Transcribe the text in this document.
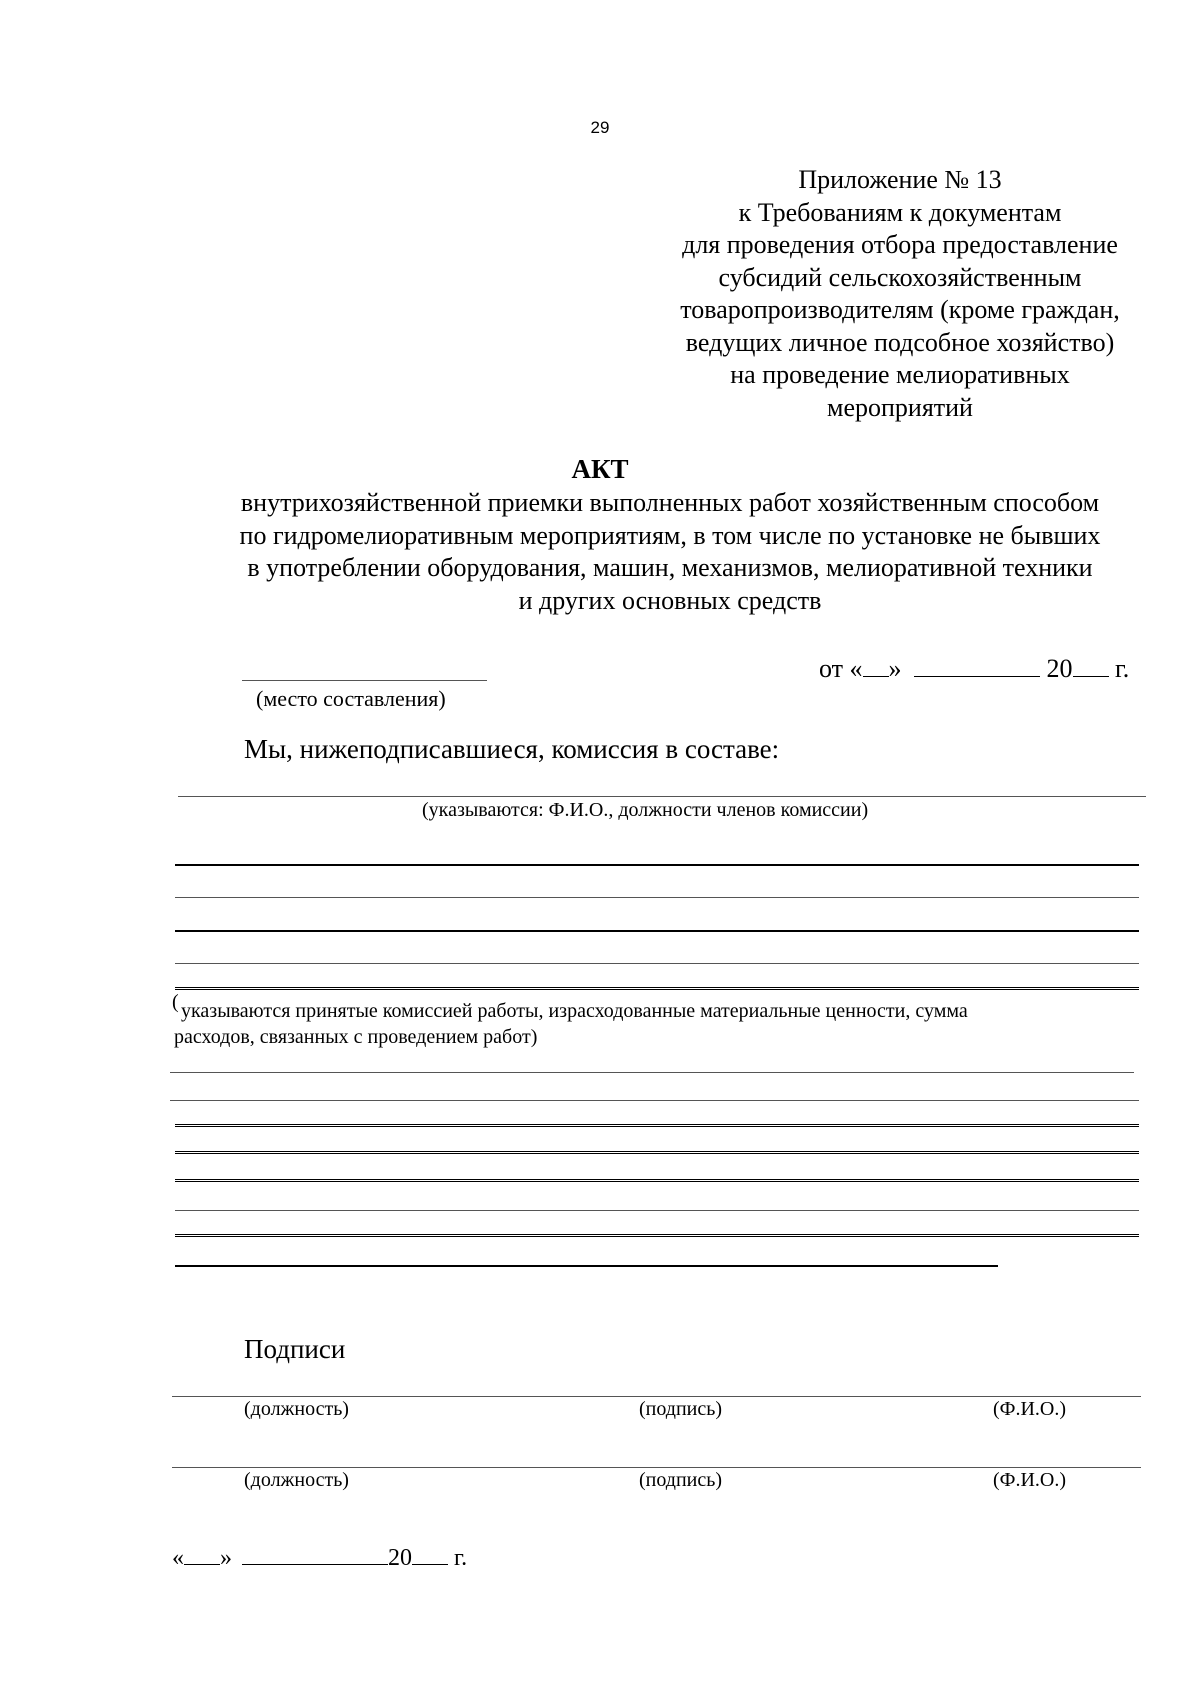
29
Приложение № 13
к Требованиям к документам
для проведения отбора предоставление
субсидий сельскохозяйственным
товаропроизводителям (кроме граждан,
ведущих личное подсобное хозяйство)
на проведение мелиоративных
мероприятий
АКТ
внутрихозяйственной приемки выполненных работ хозяйственным способом
по гидромелиоративным мероприятиям, в том числе по установке не бывших
в употреблении оборудования, машин, механизмов, мелиоративной техники
и других основных средств
(место составления)
от « »	20 г.
Мы, нижеподписавшиеся, комиссия в составе:
(указываются: Ф.И.О., должности членов комиссии)
( указываются принятые комиссией работы, израсходованные материальные ценности, сумма
расходов, связанных с проведением работ)
Подписи
(должность)	(подпись)	(Ф.И.О.)
(должность)	(подпись)	(Ф.И.О.)
« »	20 г.
